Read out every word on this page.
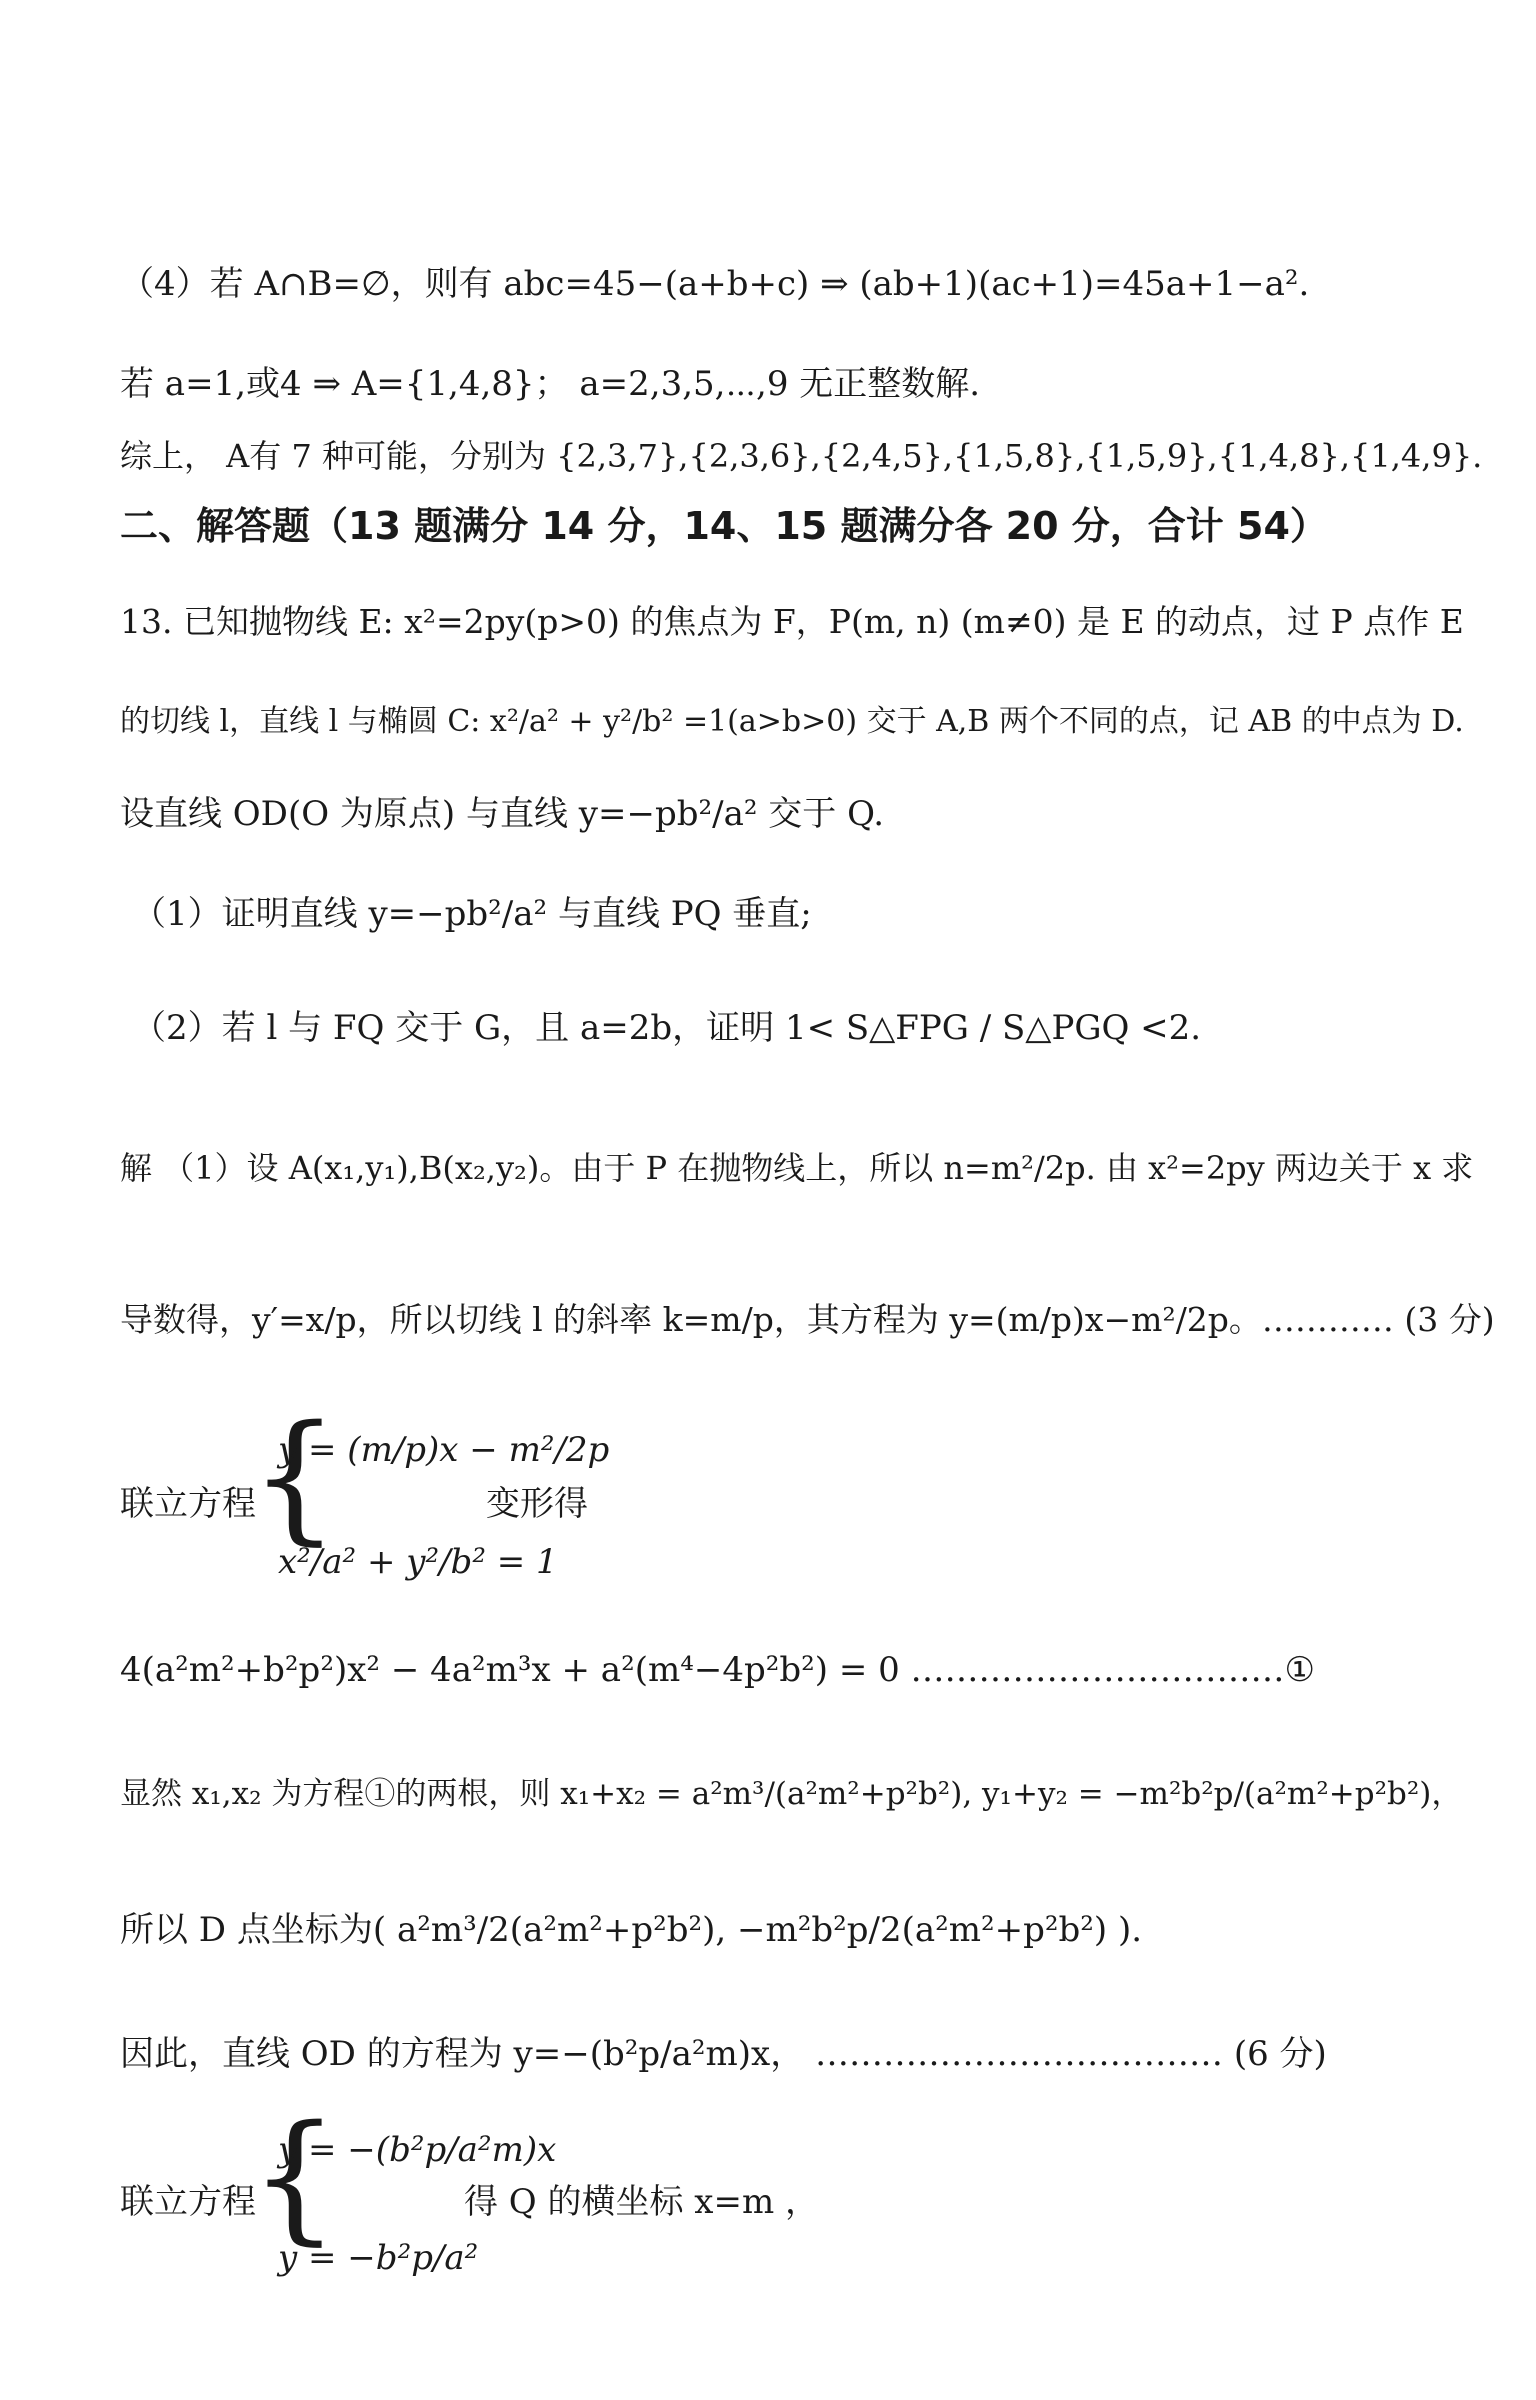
（4）若 A∩B=∅，则有 abc=45−(a+b+c) ⇒ (ab+1)(ac+1)=45a+1−a².
若 a=1,或4 ⇒ A={1,4,8}； a=2,3,5,⋯,9 无正整数解.
综上， A有 7 种可能，分别为 {2,3,7},{2,3,6},{2,4,5},{1,5,8},{1,5,9},{1,4,8},{1,4,9}.
二、解答题（13 题满分 14 分，14、15 题满分各 20 分，合计 54）
13. 已知抛物线 E: x²=2py(p>0) 的焦点为 F，P(m, n) (m≠0) 是 E 的动点，过 P 点作 E
的切线 l，直线 l 与椭圆 C: x²/a² + y²/b² =1(a>b>0) 交于 A,B 两个不同的点，记 AB 的中点为 D.
设直线 OD(O 为原点) 与直线 y=−pb²/a² 交于 Q.
（1）证明直线 y=−pb²/a² 与直线 PQ 垂直;
（2）若 l 与 FQ 交于 G，且 a=2b，证明 1< S△FPG / S△PGQ <2.
解 （1）设 A(x₁,y₁),B(x₂,y₂)。由于 P 在抛物线上，所以 n=m²/2p. 由 x²=2py 两边关于 x 求
导数得，y′=x/p，所以切线 l 的斜率 k=m/p，其方程为 y=(m/p)x−m²/2p。………… (3 分)
联立方程
{
y = (m/p)x − m²/2p
x²/a² + y²/b² = 1
变形得
4(a²m²+b²p²)x² − 4a²m³x + a²(m⁴−4p²b²) = 0 ……………………………①
显然 x₁,x₂ 为方程①的两根，则 x₁+x₂ = a²m³/(a²m²+p²b²), y₁+y₂ = −m²b²p/(a²m²+p²b²)，
所以 D 点坐标为( a²m³/2(a²m²+p²b²), −m²b²p/2(a²m²+p²b²) ).
因此，直线 OD 的方程为 y=−(b²p/a²m)x， ……………………………… (6 分)
联立方程
{
y = −(b²p/a²m)x
y = −b²p/a²
得 Q 的横坐标 x=m ，
